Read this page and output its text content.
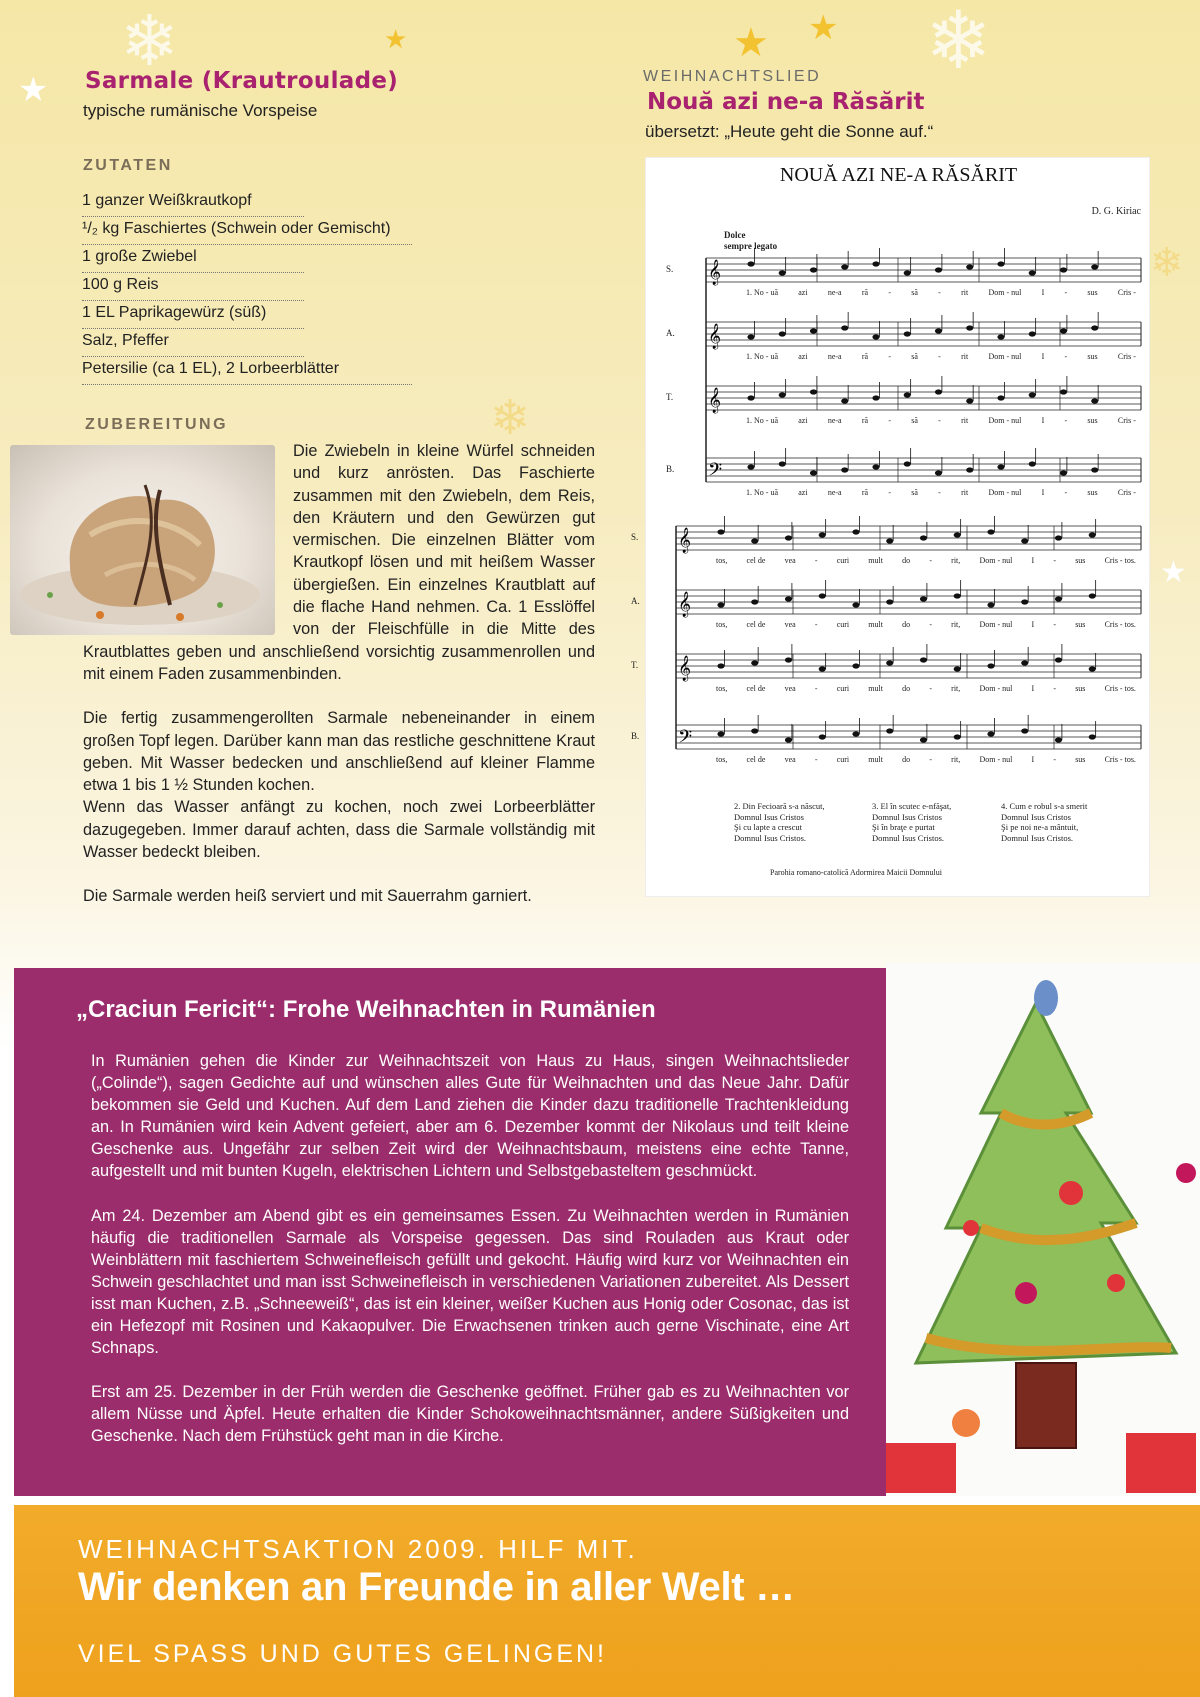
❄	❄
❄
❄
★
★	★ ★
★
Sarmale (Krautroulade)
typische rumänische Vorspeise
ZUTATEN
1 ganzer Weißkrautkopf
¹/₂ kg Faschiertes (Schwein oder Gemischt)
1 große Zwiebel
100 g Reis
1 EL Paprikagewürz (süß)
Salz, Pfeffer
Petersilie (ca 1 EL), 2 Lorbeerblätter
ZUBEREITUNG

Die Zwiebeln in kleine Würfel schneiden und kurz anrösten. Das Faschierte zusammen mit den Zwiebeln, dem Reis, den Kräutern und den Gewürzen gut vermischen. Die einzelnen Blätter vom Krautkopf lösen und mit heißem Wasser übergießen. Ein einzelnes Krautblatt auf die flache Hand nehmen. Ca. 1 Esslöffel von der Fleischfülle in die Mitte des Krautblattes geben und anschließend vorsichtig zusammenrollen und mit einem Faden zusammenbinden.

Die fertig zusammengerollten Sarmale nebeneinander in einem großen Topf legen. Darüber kann man das restliche geschnittene Kraut geben. Mit Wasser bedecken und anschließend auf kleiner Flamme etwa 1 bis 1 ½ Stunden kochen.

Wenn das Wasser anfängt zu kochen, noch zwei Lorbeerblätter dazugegeben. Immer darauf achten, dass die Sarmale vollständig mit Wasser bedeckt bleiben.

Die Sarmale werden heiß serviert und mit Sauerrahm garniert.

WEIHNACHTSLIED
Nouă azi ne-a Răsărit
übersetzt: „Heute geht die Sonne auf.“
𝄞
𝄞
𝄞
𝄢
𝄞
𝄞
𝄞
𝄢
NOUĂ AZI NE-A RĂSĂRIT
D. G. Kiriac
Dolce
sempre legato
S.
A.
T.
B.
S.
A.
T.
B.
1. No - uă	azi	ne-a	ră	-	să	-	rit	Dom - nul	I	-	sus	Cris -
1. No - uă	azi	ne-a	ră	-	să	-	rit	Dom - nul	I	-	sus	Cris -
1. No - uă	azi	ne-a	ră	-	să	-	rit	Dom - nul	I	-	sus	Cris -
1. No - uă	azi	ne-a	ră	-	să	-	rit	Dom - nul	I	-	sus	Cris -
tos, cel de vea - curi mult do - rit, Dom - nul I - sus Cris - tos.
tos, cel de vea - curi mult do - rit, Dom - nul I - sus Cris - tos.
tos, cel de vea - curi mult do - rit, Dom - nul I - sus Cris - tos.
tos, cel de vea - curi mult do - rit, Dom - nul I - sus Cris - tos.
2. Din Fecioară s-a născut,
Domnul Isus Cristos
Şi cu lapte a crescut
Domnul Isus Cristos.
3. El în scutec e-nfăşat,
Domnul Isus Cristos
Şi în braţe e purtat
Domnul Isus Cristos.
4. Cum e robul s-a smerit
Domnul Isus Cristos
Şi pe noi ne-a mântuit,
Domnul Isus Cristos.
Parohia romano-catolică Adormirea Maicii Domnului
„Craciun Fericit“: Frohe Weihnachten in Rumänien

In Rumänien gehen die Kinder zur Weihnachtszeit von Haus zu Haus, singen Weihnachtslieder („Colinde“), sagen Gedichte auf und wünschen alles Gute für Weihnachten und das Neue Jahr. Dafür bekommen sie Geld und Kuchen. Auf dem Land ziehen die Kinder dazu traditionelle Trachtenkleidung an. In Rumänien wird kein Advent gefeiert, aber am 6. Dezember kommt der Nikolaus und teilt kleine Geschenke aus. Ungefähr zur selben Zeit wird der Weihnachtsbaum, meistens eine echte Tanne, aufgestellt und mit bunten Kugeln, elektrischen Lichtern und Selbstgebasteltem geschmückt.

Am 24. Dezember am Abend gibt es ein gemeinsames Essen. Zu Weihnachten werden in Rumänien häufig die traditionellen Sarmale als Vorspeise gegessen. Das sind Rouladen aus Kraut oder Weinblättern mit faschiertem Schweinefleisch gefüllt und gekocht. Häufig wird kurz vor Weihnachten ein Schwein geschlachtet und man isst Schweinefleisch in verschiedenen Variationen zubereitet. Als Dessert isst man Kuchen, z.B. „Schneeweiß“, das ist ein kleiner, weißer Kuchen aus Honig oder Cosonac, das ist ein Hefezopf mit Rosinen und Kakaopulver. Die Erwachsenen trinken auch gerne Vischinate, eine Art Schnaps.

Erst am 25. Dezember in der Früh werden die Geschenke geöffnet. Früher gab es zu Weihnachten vor allem Nüsse und Äpfel. Heute erhalten die Kinder Schokoweihnachtsmänner, andere Süßigkeiten und Geschenke. Nach dem Frühstück geht man in die Kirche.

WEIHNACHTSAKTION 2009. HILF MIT.
Wir denken an Freunde in aller Welt …
VIEL SPASS UND GUTES GELINGEN!
